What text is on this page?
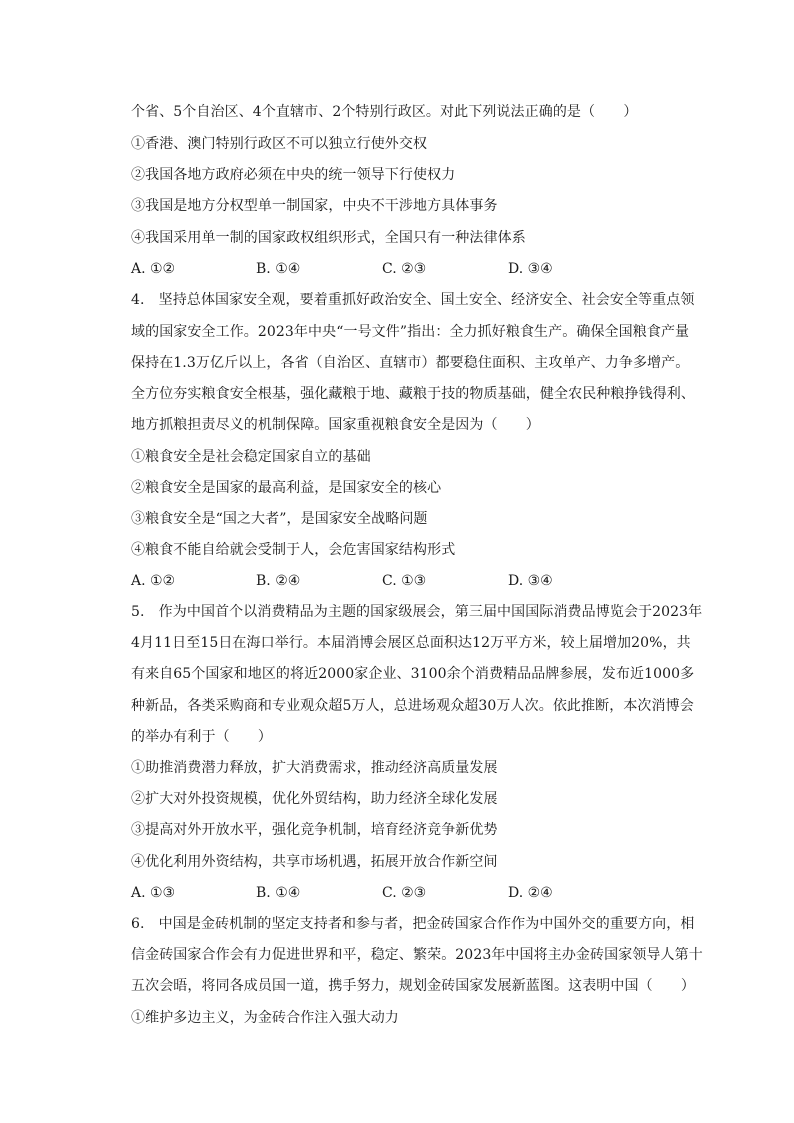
个省、5个自治区、4个直辖市、2个特别行政区。对此下列说法正确的是（　　）
①香港、澳门特别行政区不可以独立行使外交权
②我国各地方政府必须在中央的统一领导下行使权力
③我国是地方分权型单一制国家，中央不干涉地方具体事务
④我国采用单一制的国家政权组织形式，全国只有一种法律体系
A. ①②	B. ①④	C. ②③	D. ③④
4.　坚持总体国家安全观，要着重抓好政治安全、国土安全、经济安全、社会安全等重点领
域的国家安全工作。2023年中央“一号文件”指出：全力抓好粮食生产。确保全国粮食产量
保持在1.3万亿斤以上，各省（自治区、直辖市）都要稳住面积、主攻单产、力争多增产。
全方位夯实粮食安全根基，强化藏粮于地、藏粮于技的物质基础，健全农民种粮挣钱得利、
地方抓粮担责尽义的机制保障。国家重视粮食安全是因为（　　）
①粮食安全是社会稳定国家自立的基础
②粮食安全是国家的最高利益，是国家安全的核心
③粮食安全是“国之大者”，是国家安全战略问题
④粮食不能自给就会受制于人，会危害国家结构形式
A. ①②	B. ②④	C. ①③	D. ③④
5.　作为中国首个以消费精品为主题的国家级展会，第三届中国国际消费品博览会于2023年
4月11日至15日在海口举行。本届消博会展区总面积达12万平方米，较上届增加20%，共
有来自65个国家和地区的将近2000家企业、3100余个消费精品品牌参展，发布近1000多
种新品，各类采购商和专业观众超5万人，总进场观众超30万人次。依此推断，本次消博会
的举办有利于（　　）
①助推消费潜力释放，扩大消费需求，推动经济高质量发展
②扩大对外投资规模，优化外贸结构，助力经济全球化发展
③提高对外开放水平，强化竞争机制，培育经济竞争新优势
④优化利用外资结构，共享市场机遇，拓展开放合作新空间
A. ①③	B. ①④	C. ②③	D. ②④
6.　中国是金砖机制的坚定支持者和参与者，把金砖国家合作作为中国外交的重要方向，相
信金砖国家合作会有力促进世界和平，稳定、繁荣。2023年中国将主办金砖国家领导人第十
五次会晤，将同各成员国一道，携手努力，规划金砖国家发展新蓝图。这表明中国（　　）
①维护多边主义，为金砖合作注入强大动力
